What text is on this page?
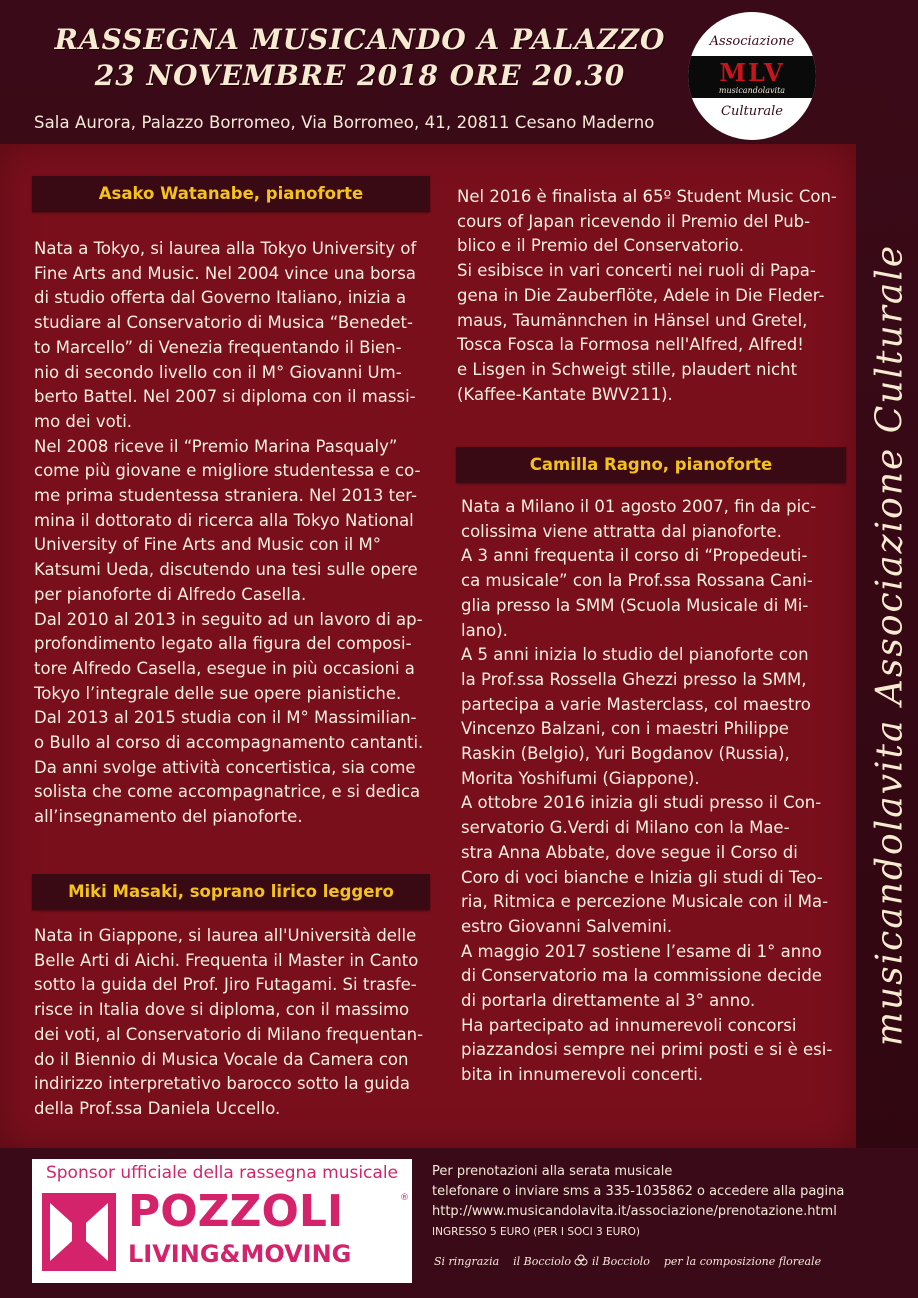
RASSEGNA MUSICANDO A PALAZZO
23 NOVEMBRE 2018 ORE 20.30
Sala Aurora, Palazzo Borromeo, Via Borromeo, 41, 20811 Cesano Maderno
Associazione
MLV
musicandolavita
Culturale
musicandolavita Associazione Culturale
Asako Watanabe, pianoforte

Nata a Tokyo, si laurea alla Tokyo University of

Fine Arts and Music. Nel 2004 vince una borsa

di studio offerta dal Governo Italiano, inizia a

studiare al Conservatorio di Musica “Benedet-

to Marcello” di Venezia frequentando il Bien-

nio di secondo livello con il M° Giovanni Um-

berto Battel. Nel 2007 si diploma con il massi-

mo dei voti.

Nel 2008 riceve il “Premio Marina Pasqualy”

come più giovane e migliore studentessa e co-

me prima studentessa straniera. Nel 2013 ter-

mina il dottorato di ricerca alla Tokyo National

University of Fine Arts and Music con il M°

Katsumi Ueda, discutendo una tesi sulle opere

per pianoforte di Alfredo Casella.

Dal 2010 al 2013 in seguito ad un lavoro di ap-

profondimento legato alla figura del composi-

tore Alfredo Casella, esegue in più occasioni a

Tokyo l’integrale delle sue opere pianistiche.

Dal 2013 al 2015 studia con il M° Massimilian-

o Bullo al corso di accompagnamento cantanti.

Da anni svolge attività concertistica, sia come

solista che come accompagnatrice, e si dedica

all’insegnamento del pianoforte.

Miki Masaki, soprano lirico leggero

Nata in Giappone, si laurea all'Università delle

Belle Arti di Aichi. Frequenta il Master in Canto

sotto la guida del Prof. Jiro Futagami. Si trasfe-

risce in Italia dove si diploma, con il massimo

dei voti, al Conservatorio di Milano frequentan-

do il Biennio di Musica Vocale da Camera con

indirizzo interpretativo barocco sotto la guida

della Prof.ssa Daniela Uccello.

Nel 2016 è finalista al 65º Student Music Con-

cours of Japan ricevendo il Premio del Pub-

blico e il Premio del Conservatorio.

Si esibisce in vari concerti nei ruoli di Papa-

gena in Die Zauberflöte, Adele in Die Fleder-

maus, Taumännchen in Hänsel und Gretel,

Tosca Fosca la Formosa nell'Alfred, Alfred!

e Lisgen in Schweigt stille, plaudert nicht

(Kaffee-Kantate BWV211).

Camilla Ragno, pianoforte

Nata a Milano il 01 agosto 2007, fin da pic-

colissima viene attratta dal pianoforte.

A 3 anni frequenta il corso di “Propedeuti-

ca musicale” con la Prof.ssa Rossana Cani-

glia presso la SMM (Scuola Musicale di Mi-

lano).

A 5 anni inizia lo studio del pianoforte con

la Prof.ssa Rossella Ghezzi presso la SMM,

partecipa a varie Masterclass, col maestro

Vincenzo Balzani, con i maestri Philippe

Raskin (Belgio), Yuri Bogdanov (Russia),

Morita Yoshifumi (Giappone).

A ottobre 2016 inizia gli studi presso il Con-

servatorio G.Verdi di Milano con la Mae-

stra Anna Abbate, dove segue il Corso di

Coro di voci bianche e Inizia gli studi di Teo-

ria, Ritmica e percezione Musicale con il Ma-

estro Giovanni Salvemini.

A maggio 2017 sostiene l’esame di 1° anno

di Conservatorio ma la commissione decide

di portarla direttamente al 3° anno.

Ha partecipato ad innumerevoli concorsi

piazzandosi sempre nei primi posti e si è esi-

bita in innumerevoli concerti.

Sponsor ufficiale della rassegna musicale
POZZOLI	®
LIVING&MOVING
Per prenotazioni alla serata musicale
telefonare o inviare sms a 335-1035862 o accedere alla pagina
http://www.musicandolavita.it/associazione/prenotazione.html
INGRESSO 5 EURO (PER I SOCI 3 EURO)
Si ringrazia il Bocciolo il Bocciolo per la composizione floreale
